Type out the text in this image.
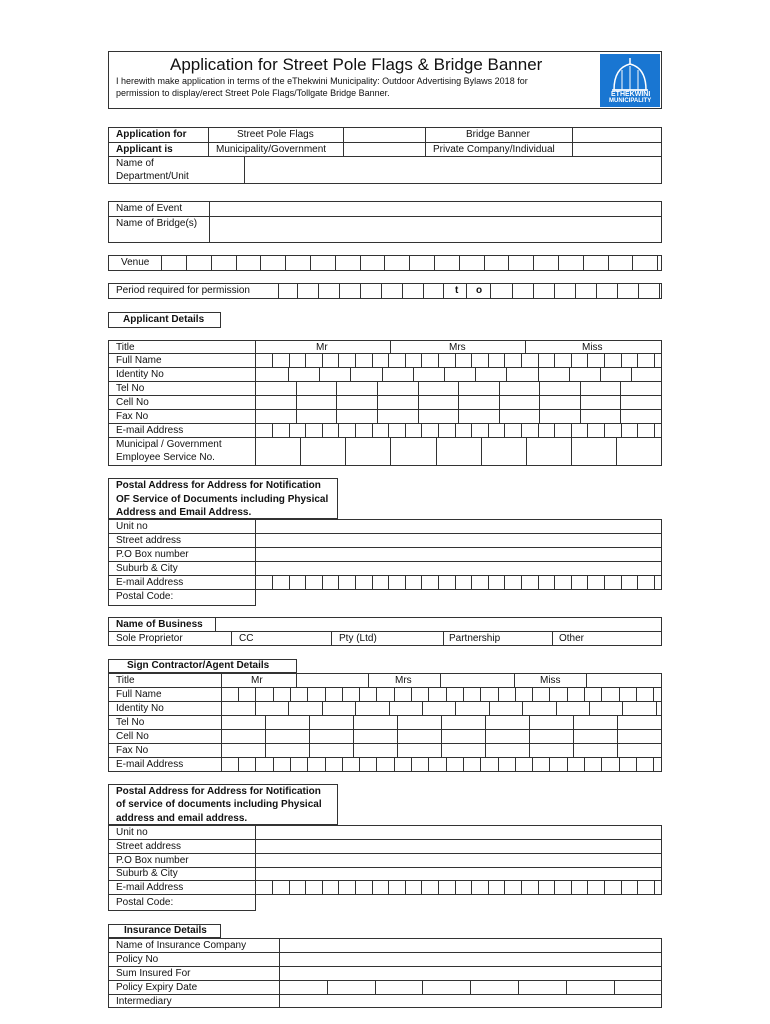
Application for Street Pole Flags & Bridge Banner
I herewith make application in terms of the eThekwini Municipality: Outdoor Advertising Bylaws 2018 for
permission to display/erect Street Pole Flags/Tollgate Bridge Banner.	ETHEKWINI
MUNICIPALITY
Application for	Street Pole Flags	Bridge Banner
Applicant is	Municipality/Government	Private Company/Individual
Name of
Department/Unit
Name of Event
Name of Bridge(s)
Venue
Period required for permission	t o
Applicant Details
Title	Mr	Mrs	Miss
Full Name
Identity No
Tel No
Cell No
Fax No
E-mail Address
Municipal / Government
Employee Service No.
Postal Address for Address for Notification
OF Service of Documents including Physical
Address and Email Address.
Unit no
Street address
P.O Box number
Suburb & City
E-mail Address
Postal Code:
Name of Business
Sole Proprietor	CC	Pty (Ltd)	Partnership	Other
Sign Contractor/Agent Details
Title	Mr	Mrs	Miss
Full Name
Identity No
Tel No
Cell No
Fax No
E-mail Address
Postal Address for Address for Notification
of service of documents including Physical
address and email address.
Unit no
Street address
P.O Box number
Suburb & City
E-mail Address
Postal Code:
Insurance Details
Name of Insurance Company
Policy No
Sum Insured For
Policy Expiry Date
Intermediary
